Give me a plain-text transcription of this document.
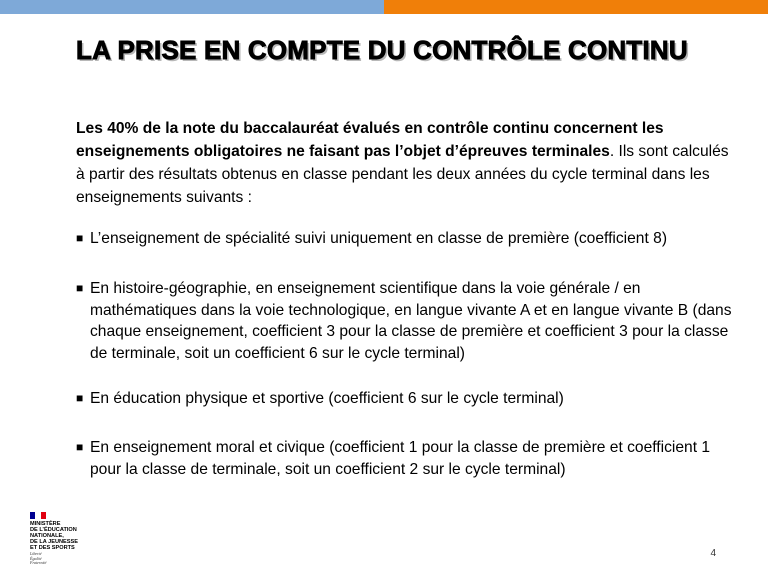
LA PRISE EN COMPTE DU CONTRÔLE CONTINU

Les 40% de la note du baccalauréat évalués en contrôle continu concernent les enseignements obligatoires ne faisant pas l’objet d’épreuves terminales. Ils sont calculés à partir des résultats obtenus en classe pendant les deux années du cycle terminal dans les enseignements suivants :

■ L’enseignement de spécialité suivi uniquement en classe de première (coefficient 8)
■ En histoire-géographie, en enseignement scientifique dans la voie générale / en mathématiques dans la voie technologique, en langue vivante A et en langue vivante B (dans chaque enseignement, coefficient 3 pour la classe de première et coefficient 3 pour la classe de terminale, soit un coefficient 6 sur le cycle terminal)
■ En éducation physique et sportive (coefficient 6 sur le cycle terminal)
■ En enseignement moral et civique (coefficient 1 pour la classe de première et coefficient 1 pour la classe de terminale, soit un coefficient 2 sur le cycle terminal)
MINISTÈRE
DE L’ÉDUCATION
NATIONALE,
DE LA JEUNESSE
ET DES SPORTS
Liberté
Égalité
Fraternité
4
